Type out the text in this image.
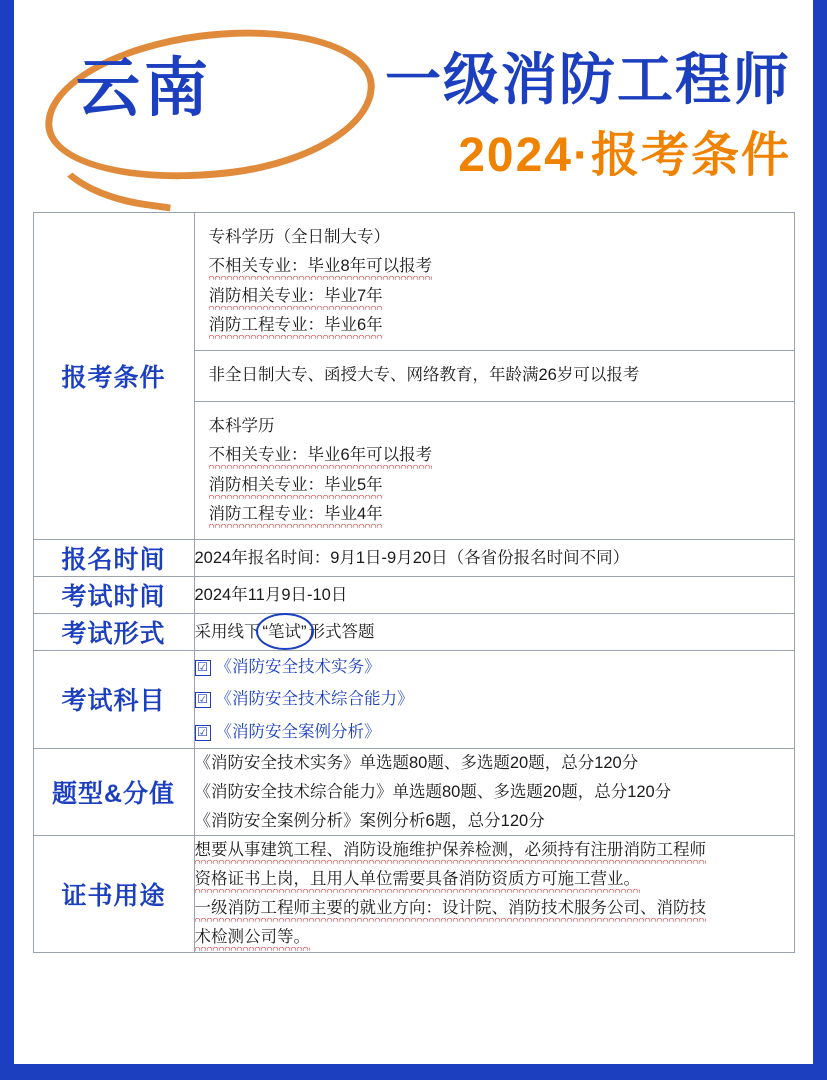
云南	一级消防工程师
2024·报考条件
报考条件	
专科学历（全日制大专）
不相关专业：毕业8年可以报考
消防相关专业：毕业7年
消防工程专业：毕业6年
非全日制大专、函授大专、网络教育，年龄满26岁可以报考
本科学历
不相关专业：毕业6年可以报考
消防相关专业：毕业5年
消防工程专业：毕业4年

报名时间	2024年报名时间：9月1日-9月20日（各省份报名时间不同）

考试时间	2024年11月9日-10日

考试形式	采用线下 “笔试” 形式答题

考试科目	☑ 《消防安全技术实务》
☑ 《消防安全技术综合能力》
☑ 《消防安全案例分析》

题型&分值	《消防安全技术实务》单选题80题、多选题20题，总分120分
《消防安全技术综合能力》单选题80题、多选题20题，总分120分
《消防安全案例分析》案例分析6题，总分120分

证书用途	想要从事建筑工程、消防设施维护保养检测，必须持有注册消防工程师
资格证书上岗，且用人单位需要具备消防资质方可施工营业。
一级消防工程师主要的就业方向：设计院、消防技术服务公司、消防技
术检测公司等。
